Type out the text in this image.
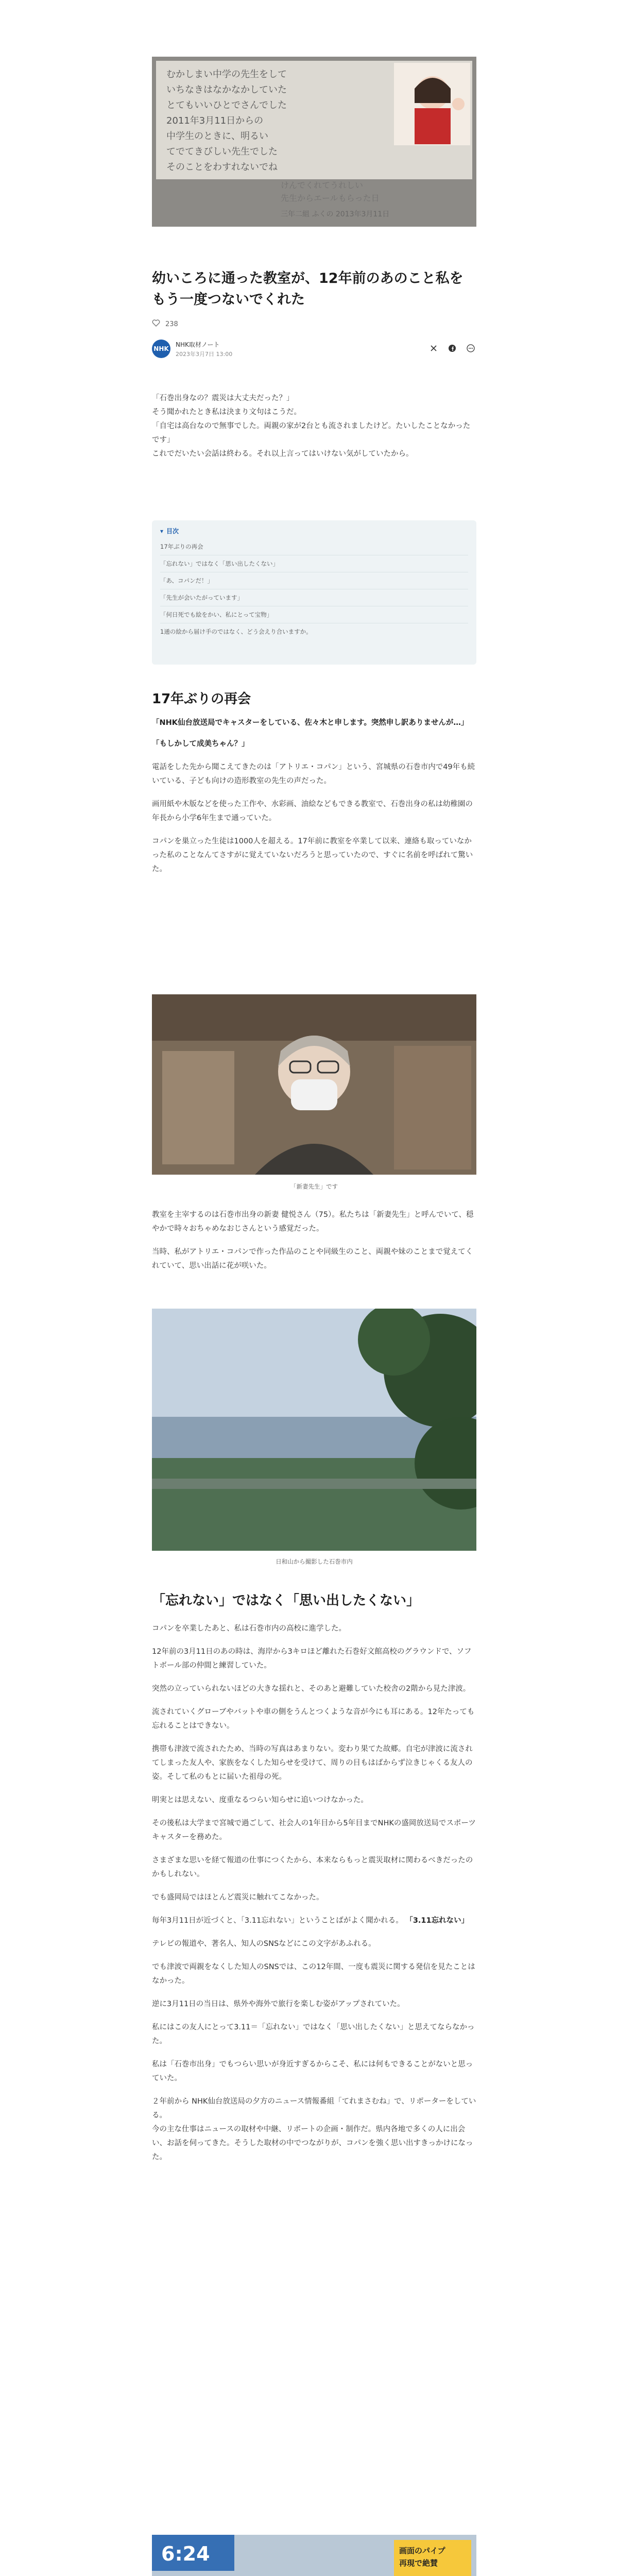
むかしまい中学の先生をして
いちなきはなかなかしていた
とてもいいひとでさんでした
2011年3月11日からの
中学生のときに、明るい
てでてきびしい先生でした
そのことをわすれないでね
けんでくれてうれしい
先生からエールもらった日
三年二組 ふくの 2013年3月11日
幼いころに通った教室が、12年前のあのこと私をもう一度つないでくれた
238
NHK
NHK取材ノート
2023年3月7日 13:00

「石巻出身なの？震災は大丈夫だった？」

そう聞かれたとき私は決まり文句はこうだ。

「自宅は高台なので無事でした。両親の家が2台とも流されましたけど。たいしたことなかったです」

これでだいたい会話は終わる。それ以上言ってはいけない気がしていたから。

▾ 目次
17年ぶりの再会
「忘れない」ではなく「思い出したくない」
「あ、コパンだ！」
「先生が会いたがっています」
「何日死でも絵をかい、私にとって宝物」
1通の絵から届け手のではなく、どう会えり合いますか。
17年ぶりの再会

「NHK仙台放送局でキャスターをしている、佐々木と申します。突然申し訳ありませんが…」

「もしかして成美ちゃん？」

電話をした先から聞こえてきたのは「アトリエ・コパン」という、宮城県の石巻市内で49年も続いている、子ども向けの造形教室の先生の声だった。

画用紙や木版などを使った工作や、水彩画、油絵などもできる教室で、石巻出身の私は幼稚園の年長から小学6年生まで通っていた。

コパンを巣立った生徒は1000人を超える。17年前に教室を卒業して以来、連絡も取っていなかった私のことなんてさすがに覚えていないだろうと思っていたので、すぐに名前を呼ばれて驚いた。

「新妻先生」です

教室を主宰するのは石巻市出身の新妻 健悦さん（75）。私たちは「新妻先生」と呼んでいて、穏やかで時々おちゃめなおじさんという感覚だった。

当時、私がアトリエ・コパンで作った作品のことや同級生のこと、両親や妹のことまで覚えてくれていて、思い出話に花が咲いた。

日和山から撮影した石巻市内
「忘れない」ではなく「思い出したくない」

コパンを卒業したあと、私は石巻市内の高校に進学した。

12年前の3月11日のあの時は、海岸から3キロほど離れた石巻好文館高校のグラウンドで、ソフトボール部の仲間と練習していた。

突然の立っていられないほどの大きな揺れと、そのあと避難していた校舎の2階から見た津波。

流されていくグローブやバットや車の側をうんとつくような音が今にも耳にある。12年たっても忘れることはできない。

携帯も津波で流されたため、当時の写真はあまりない。変わり果てた故郷。自宅が津波に流されてしまった友人や、家族をなくした知らせを受けて、周りの目もはばからず泣きじゃくる友人の姿。そして私のもとに届いた祖母の死。

明実とは思えない、度重なるつらい知らせに追いつけなかった。

その後私は大学まで宮城で過ごして、社会人の1年目から5年目までNHKの盛岡放送局でスポーツキャスターを務めた。

さまざまな思いを経て報道の仕事につくたから、本来ならもっと震災取材に関わるべきだったのかもしれない。

でも盛岡局ではほとんど震災に触れてこなかった。

毎年3月11日が近づくと、「3.11忘れない」ということばがよく聞かれる。 「3.11忘れない」

テレビの報道や、著名人、知人のSNSなどにこの文字があふれる。

でも津波で両親をなくした知人のSNSでは、この12年間、一度も震災に関する発信を見たことはなかった。

逆に3月11日の当日は、県外や海外で旅行を楽しむ姿がアップされていた。

私にはこの友人にとって3.11＝「忘れない」ではなく「思い出したくない」と思えてならなかった。

私は「石巻市出身」でもつらい思いが身近すぎるからこそ、私には何もできることがないと思っていた。

２年前から NHK仙台放送局の夕方のニュース情報番組「てれまさむね」で、リポーターをしている。

今の主な仕事はニュースの取材や中継、リポートの企画・制作だ。県内各地で多くの人に出会い、お話を伺ってきた。そうした取材の中でつながりが、コパンを強く思い出すきっかけになった。

6:24	画面のパイプ
再現で絶賛
